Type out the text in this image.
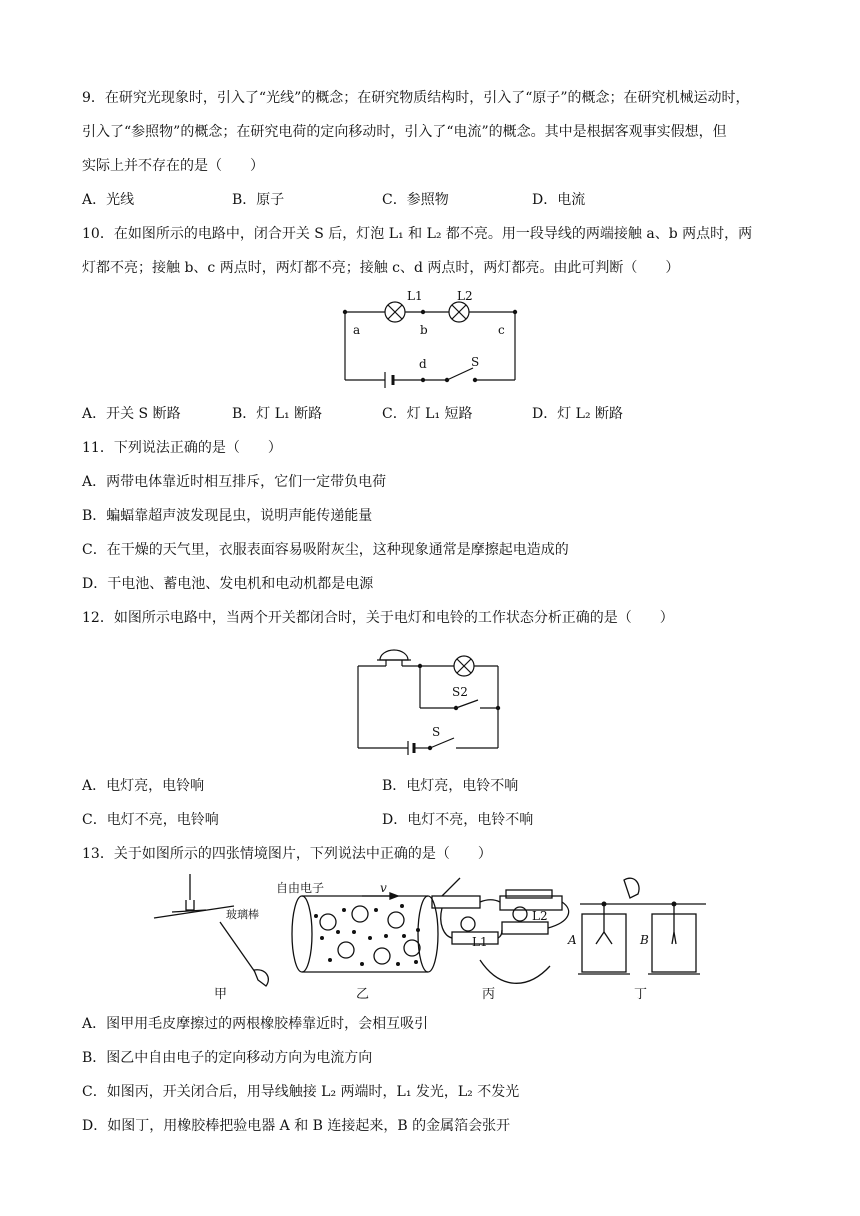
9．在研究光现象时，引入了“光线”的概念；在研究物质结构时，引入了“原子”的概念；在研究机械运动时，
引入了“参照物”的概念；在研究电荷的定向移动时，引入了“电流”的概念。其中是根据客观事实假想，但
实际上并不存在的是（　　）
A．光线	B．原子	C．参照物	D．电流
10．在如图所示的电路中，闭合开关 S 后，灯泡 L₁ 和 L₂ 都不亮。用一段导线的两端接触 a、b 两点时，两
灯都不亮；接触 b、c 两点时，两灯都不亮；接触 c、d 两点时，两灯都亮。由此可判断（　　）
L1	L2
a	b	c
d	S
A．开关 S 断路	B．灯 L₁ 断路	C．灯 L₁ 短路	D．灯 L₂ 断路
11．下列说法正确的是（　　）
A．两带电体靠近时相互排斥，它们一定带负电荷
B．蝙蝠靠超声波发现昆虫，说明声能传递能量
C．在干燥的天气里，衣服表面容易吸附灰尘，这种现象通常是摩擦起电造成的
D．干电池、蓄电池、发电机和电动机都是电源
12．如图所示电路中，当两个开关都闭合时，关于电灯和电铃的工作状态分析正确的是（　　）
S2
S
A．电灯亮，电铃响	B．电灯亮，电铃不响
C．电灯不亮，电铃响	D．电灯不亮，电铃不响
13．关于如图所示的四张情境图片，下列说法中正确的是（　　）
玻璃棒
自由电子	v
L1
L2
A	B
甲	乙	丙	丁
A．图甲用毛皮摩擦过的两根橡胶棒靠近时，会相互吸引
B．图乙中自由电子的定向移动方向为电流方向
C．如图丙，开关闭合后，用导线触接 L₂ 两端时，L₁ 发光，L₂ 不发光
D．如图丁，用橡胶棒把验电器 A 和 B 连接起来，B 的金属箔会张开
